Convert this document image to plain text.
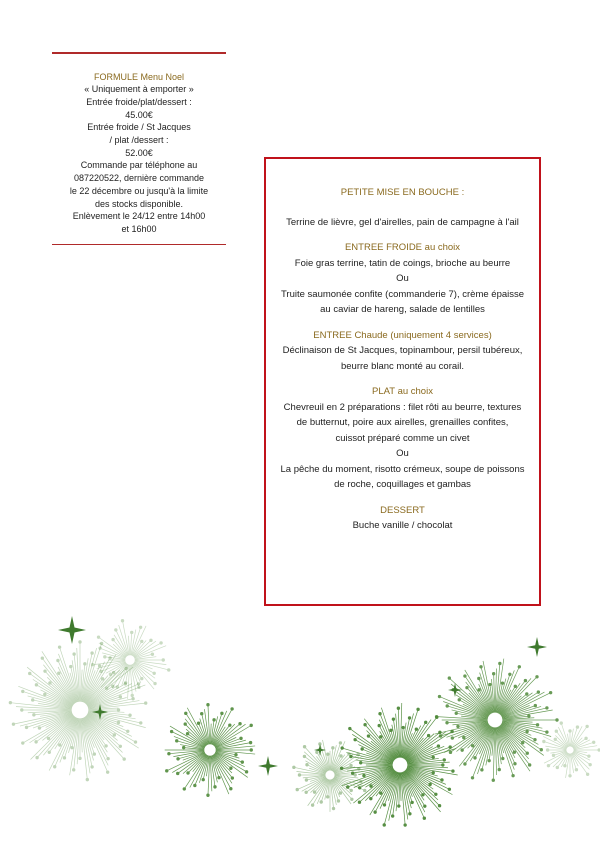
FORMULE Menu Noel
« Uniquement à emporter »
Entrée froide/plat/dessert :
45.00€
Entrée froide / St Jacques
/ plat /dessert :
52.00€
Commande par téléphone au
087220522, dernière commande
le 22 décembre ou jusqu'à la limite
des stocks disponible.
Enlèvement le 24/12 entre 14h00
et 16h00
PETITE MISE EN BOUCHE :
Terrine de lièvre, gel d'airelles, pain de campagne à l'ail
ENTREE FROIDE au choix
Foie gras terrine, tatin de coings, brioche au beurre
Ou
Truite saumonée confite (commanderie 7), crème épaisse
au caviar de hareng, salade de lentilles
ENTREE Chaude (uniquement 4 services)
Déclinaison de St Jacques, topinambour, persil tubéreux,
beurre blanc monté au corail.
PLAT au choix
Chevreuil en 2 préparations : filet rôti au beurre, textures
de butternut, poire aux airelles, grenailles confites,
cuissot préparé comme un civet
Ou
La pêche du moment, risotto crémeux, soupe de poissons
de roche, coquillages et gambas
DESSERT
Buche vanille / chocolat
